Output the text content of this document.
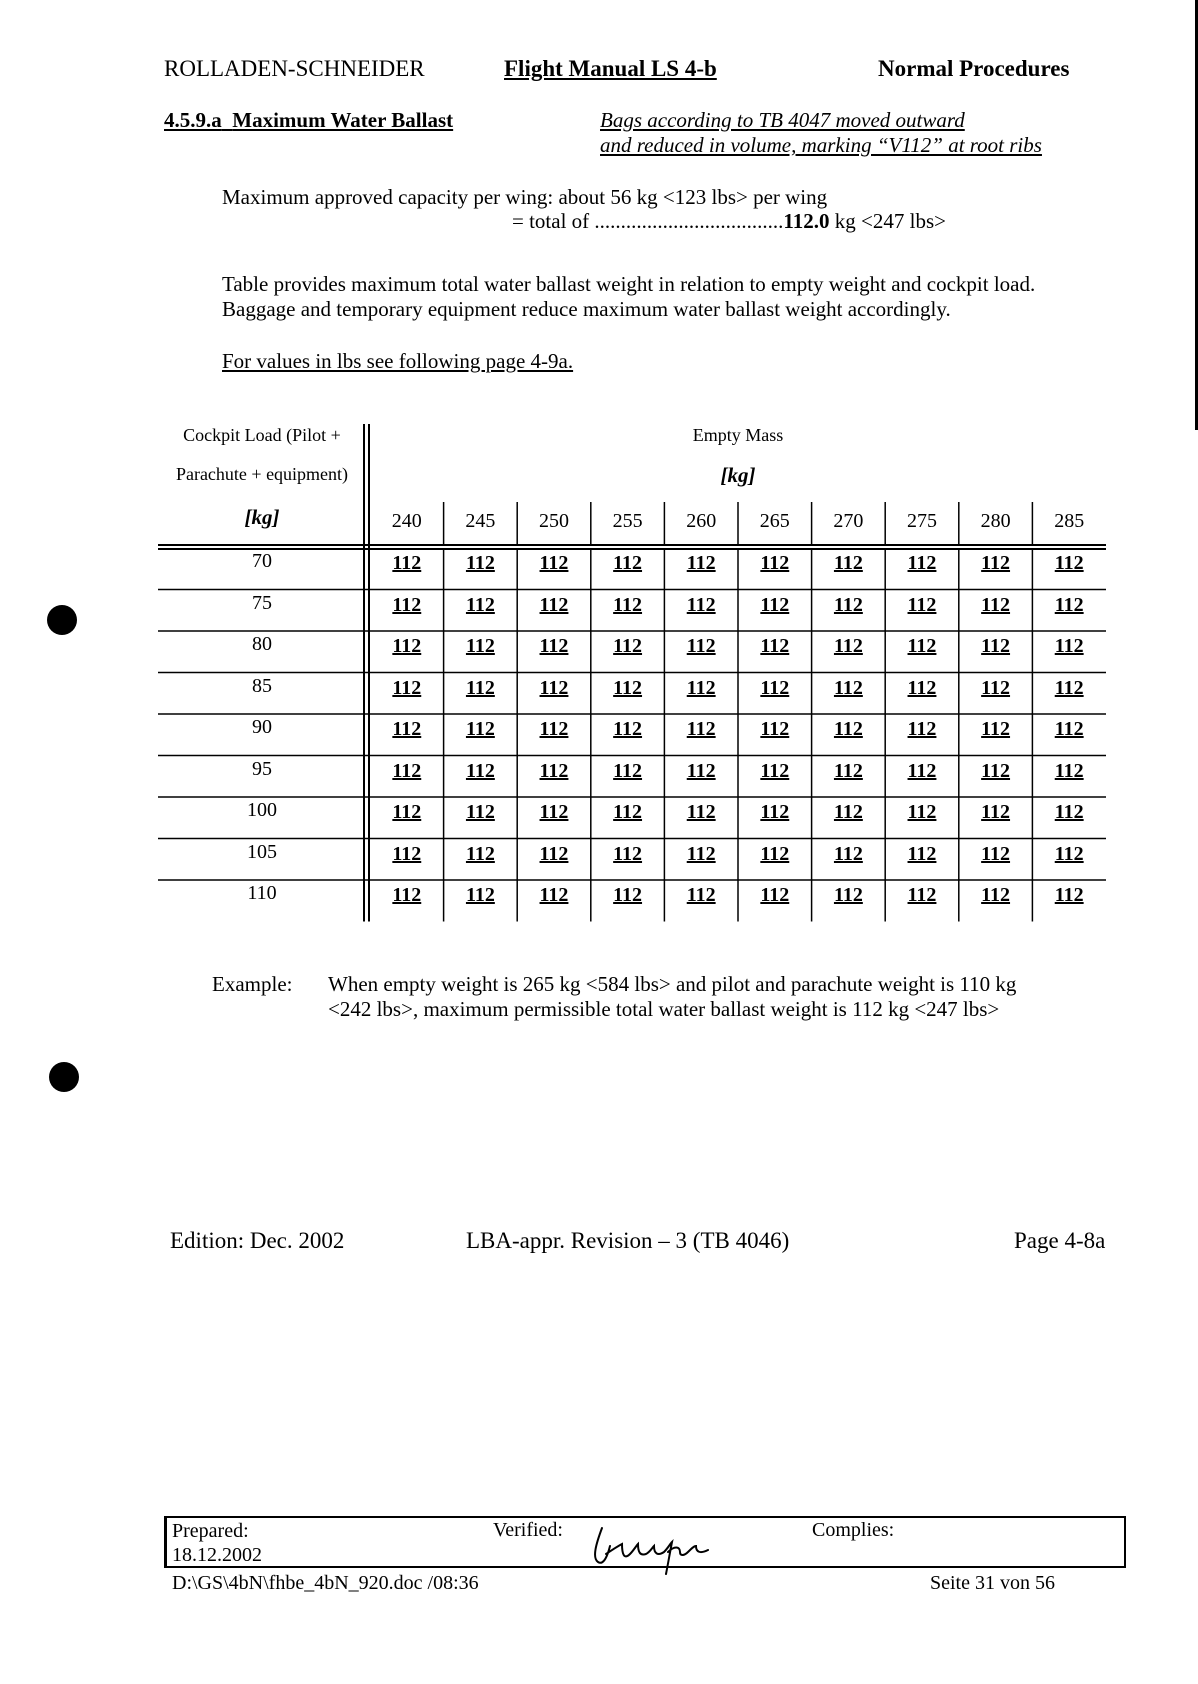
ROLLADEN-SCHNEIDER	Flight Manual LS 4-b	Normal Procedures
4.5.9.a Maximum Water Ballast	Bags according to TB 4047 moved outward
and reduced in volume, marking “V112” at root ribs
Maximum approved capacity per wing: about 56 kg <123 lbs> per wing
= total of ....................................112.0 kg <247 lbs>
Table provides maximum total water ballast weight in relation to empty weight and cockpit load.
Baggage and temporary equipment reduce maximum water ballast weight accordingly.
For values in lbs see following page 4-9a.
Cockpit Load (Pilot +
Parachute + equipment)
[kg]
Empty Mass
[kg]
240	245	250	255	260	265	270	275	280	285
70	112	112	112	112	112	112	112	112	112	112
75	112	112	112	112	112	112	112	112	112	112
80	112	112	112	112	112	112	112	112	112	112
85	112	112	112	112	112	112	112	112	112	112
90	112	112	112	112	112	112	112	112	112	112
95	112	112	112	112	112	112	112	112	112	112
100	112	112	112	112	112	112	112	112	112	112
105	112	112	112	112	112	112	112	112	112	112
110	112	112	112	112	112	112	112	112	112	112
Example: When empty weight is 265 kg <584 lbs> and pilot and parachute weight is 110 kg
<242 lbs>, maximum permissible total water ballast weight is 112 kg <247 lbs>
Edition: Dec. 2002	LBA-appr. Revision – 3 (TB 4046)	Page 4-8a
Prepared:
18.12.2002
Verified:	Complies:
D:\GS\4bN\fhbe_4bN_920.doc /08:36	Seite 31 von 56
